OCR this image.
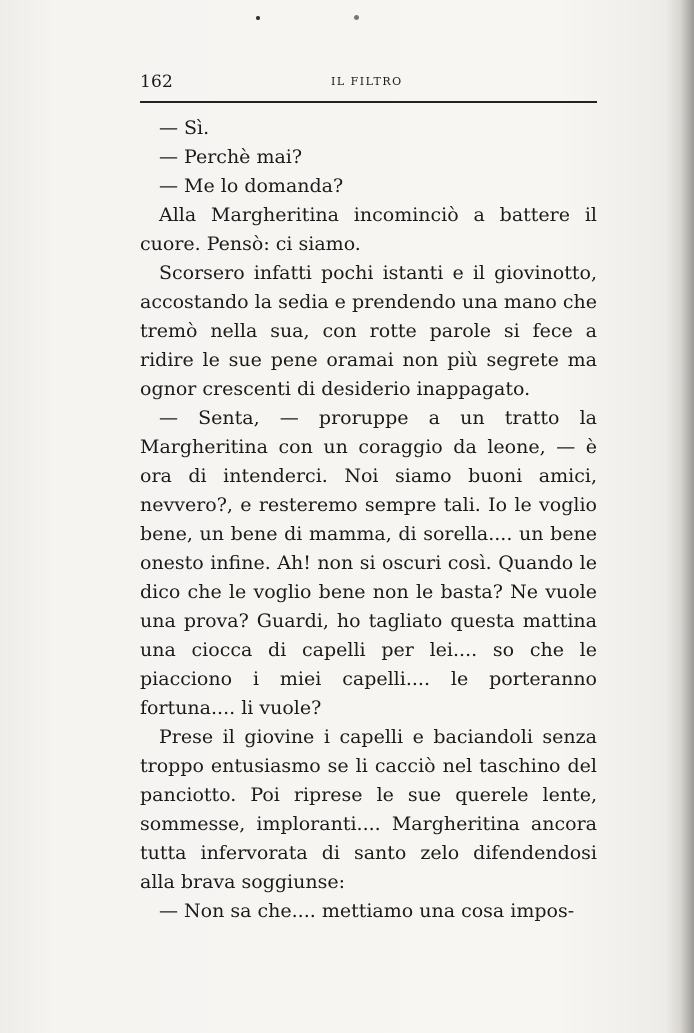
162	IL FILTRO

— Sì.

— Perchè mai?

— Me lo domanda?

Alla Margheritina incominciò a battere il cuore. Pensò: ci siamo.

Scorsero infatti pochi istanti e il giovinotto, accostando la sedia e prendendo una mano che tremò nella sua, con rotte parole si fece a ridire le sue pene oramai non più segrete ma ognor crescenti di desiderio inappagato.

— Senta, — proruppe a un tratto la Margheritina con un coraggio da leone, — è ora di intenderci. Noi siamo buoni amici, nevvero?, e resteremo sempre tali. Io le voglio bene, un bene di mamma, di sorella.... un bene onesto infine. Ah! non si oscuri così. Quando le dico che le voglio bene non le basta? Ne vuole una prova? Guardi, ho tagliato questa mattina una ciocca di capelli per lei.... so che le piacciono i miei capelli.... le porteranno fortuna.... li vuole?

Prese il giovine i capelli e baciandoli senza troppo entusiasmo se li cacciò nel taschino del panciotto. Poi riprese le sue querele lente, sommesse, imploranti.... Margheritina ancora tutta infervorata di santo zelo difendendosi alla brava soggiunse:

— Non sa che.... mettiamo una cosa impos-
